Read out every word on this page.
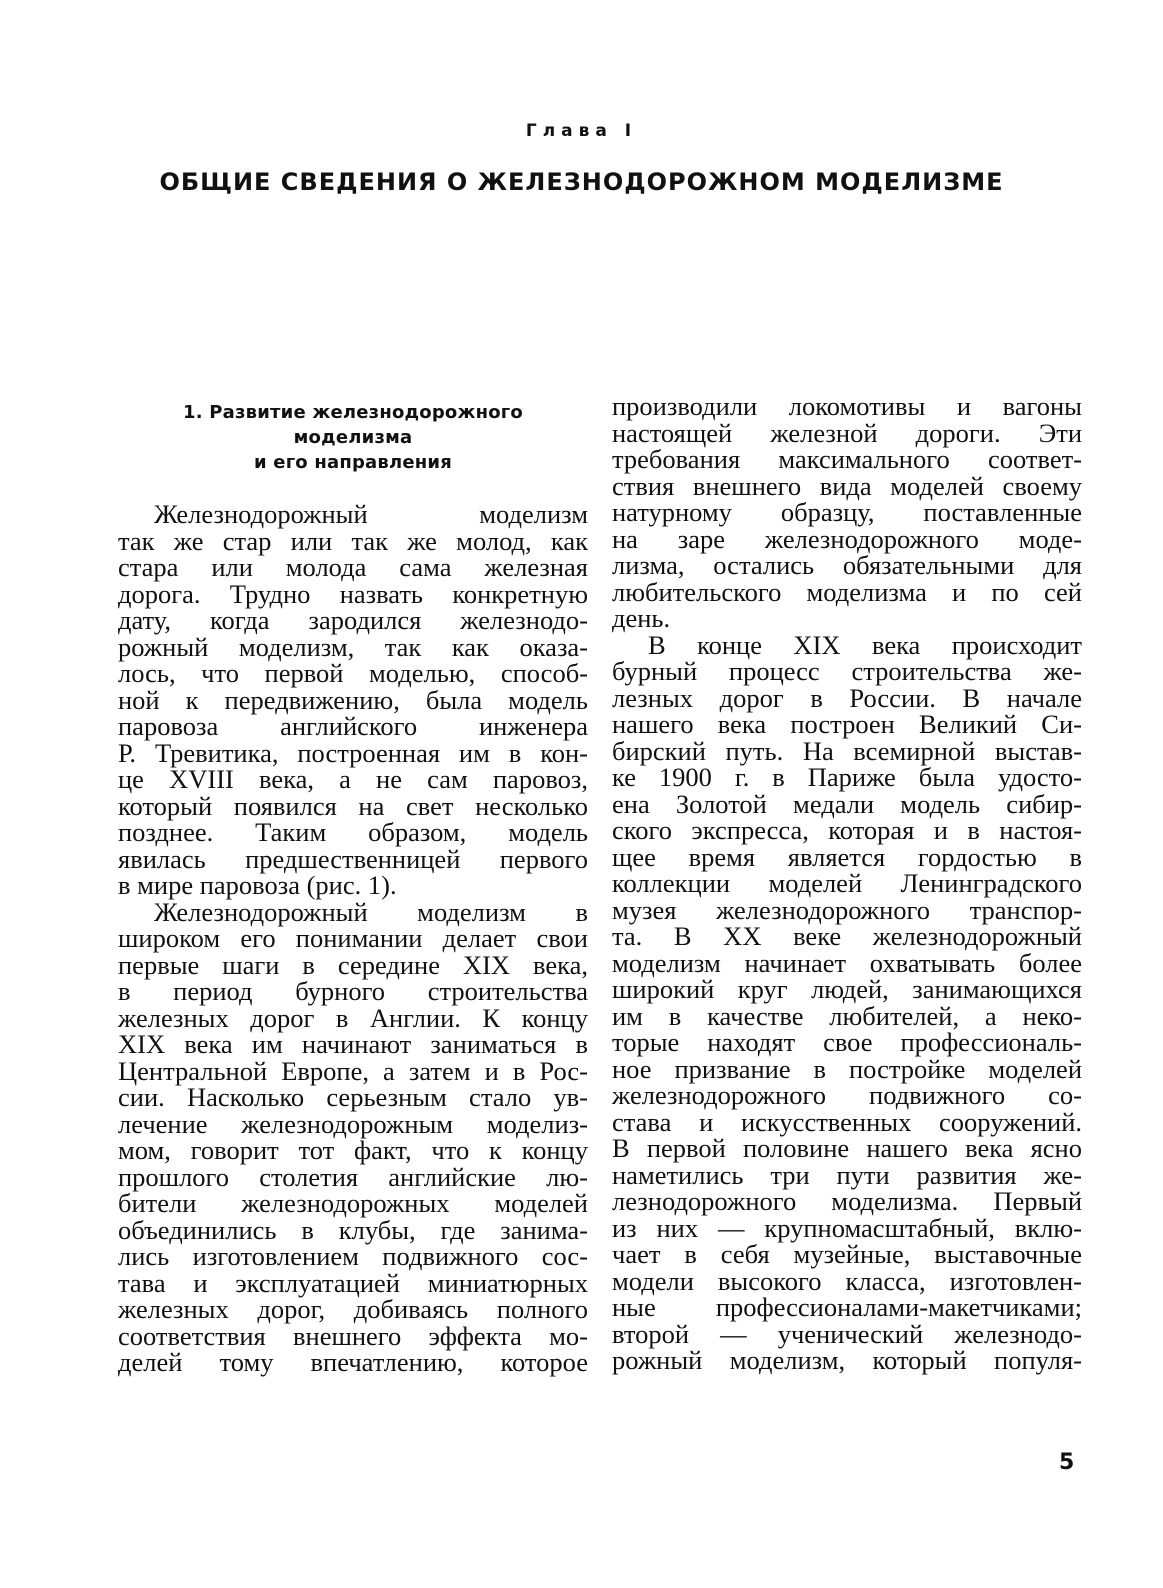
Глава I
ОБЩИЕ СВЕДЕНИЯ О ЖЕЛЕЗНОДОРОЖНОМ МОДЕЛИЗМЕ
1. Развитие железнодорожного
моделизма
и его направления
Железнодорожный моделизм
так же стар или так же молод, как
стара или молода сама железная
дорога. Трудно назвать конкретную
дату, когда зародился железнодо-
рожный моделизм, так как оказа-
лось, что первой моделью, способ-
ной к передвижению, была модель
паровоза английского инженера
Р. Тревитика, построенная им в кон-
це XVIII века, а не сам паровоз,
который появился на свет несколько
позднее. Таким образом, модель
явилась предшественницей первого
в мире паровоза (рис. 1).
Железнодорожный моделизм в
широком его понимании делает свои
первые шаги в середине XIX века,
в период бурного строительства
железных дорог в Англии. К концу
XIX века им начинают заниматься в
Центральной Европе, а затем и в Рос-
сии. Насколько серьезным стало ув-
лечение железнодорожным моделиз-
мом, говорит тот факт, что к концу
прошлого столетия английские лю-
бители железнодорожных моделей
объединились в клубы, где занима-
лись изготовлением подвижного сос-
тава и эксплуатацией миниатюрных
железных дорог, добиваясь полного
соответствия внешнего эффекта мо-
делей тому впечатлению, которое
производили локомотивы и вагоны
настоящей железной дороги. Эти
требования максимального соответ-
ствия внешнего вида моделей своему
натурному образцу, поставленные
на заре железнодорожного моде-
лизма, остались обязательными для
любительского моделизма и по сей
день.
В конце XIX века происходит
бурный процесс строительства же-
лезных дорог в России. В начале
нашего века построен Великий Си-
бирский путь. На всемирной выстав-
ке 1900 г. в Париже была удосто-
ена Золотой медали модель сибир-
ского экспресса, которая и в настоя-
щее время является гордостью в
коллекции моделей Ленинградского
музея железнодорожного транспор-
та. В XX веке железнодорожный
моделизм начинает охватывать более
широкий круг людей, занимающихся
им в качестве любителей, а неко-
торые находят свое профессиональ-
ное призвание в постройке моделей
железнодорожного подвижного со-
става и искусственных сооружений.
В первой половине нашего века ясно
наметились три пути развития же-
лезнодорожного моделизма. Первый
из них — крупномасштабный, вклю-
чает в себя музейные, выставочные
модели высокого класса, изготовлен-
ные профессионалами-макетчиками;
второй — ученический железнодо-
рожный моделизм, который популя-
5
